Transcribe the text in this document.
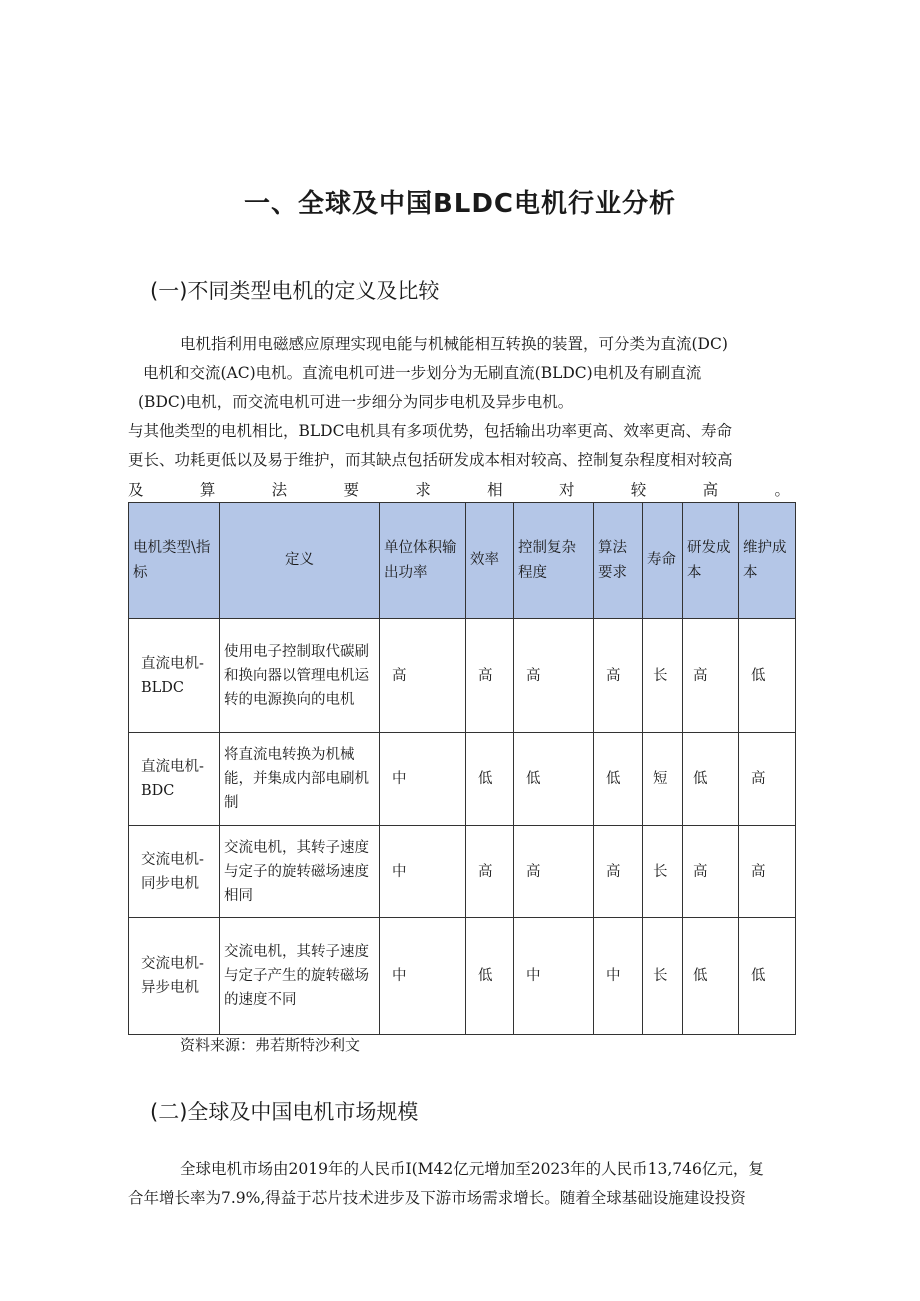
一、全球及中国BLDC电机行业分析
(一)不同类型电机的定义及比较
电机指利用电磁感应原理实现电能与机械能相互转换的装置，可分类为直流(DC)
电机和交流(AC)电机。直流电机可进一步划分为无刷直流(BLDC)电机及有刷直流
(BDC)电机，而交流电机可进一步细分为同步电机及异步电机。
与其他类型的电机相比，BLDC电机具有多项优势，包括输出功率更高、效率更高、寿命
更长、功耗更低以及易于维护，而其缺点包括研发成本相对较高、控制复杂程度相对较高
及	算	法	要	求	相	对	较	高	。
电机类型\指标	定义	单位体积输出功率	效率	控制复杂程度	算法要求	寿命	研发成本	维护成本
直流电机-BLDC	使用电子控制取代碳刷和换向器以管理电机运转的电源换向的电机	高	高	高	高	长	高	低
直流电机-BDC	将直流电转换为机械能，并集成内部电刷机制	中	低	低	低	短	低	高
交流电机-同步电机	交流电机，其转子速度与定子的旋转磁场速度相同	中	高	高	高	长	高	高
交流电机-异步电机	交流电机，其转子速度与定子产生的旋转磁场的速度不同	中	低	中	中	长	低	低
资料来源：弗若斯特沙利文
(二)全球及中国电机市场规模
全球电机市场由2019年的人民币I(M42亿元增加至2023年的人民币13,746亿元，复
合年增长率为7.9%,得益于芯片技术进步及下游市场需求增长。随着全球基础设施建设投资
